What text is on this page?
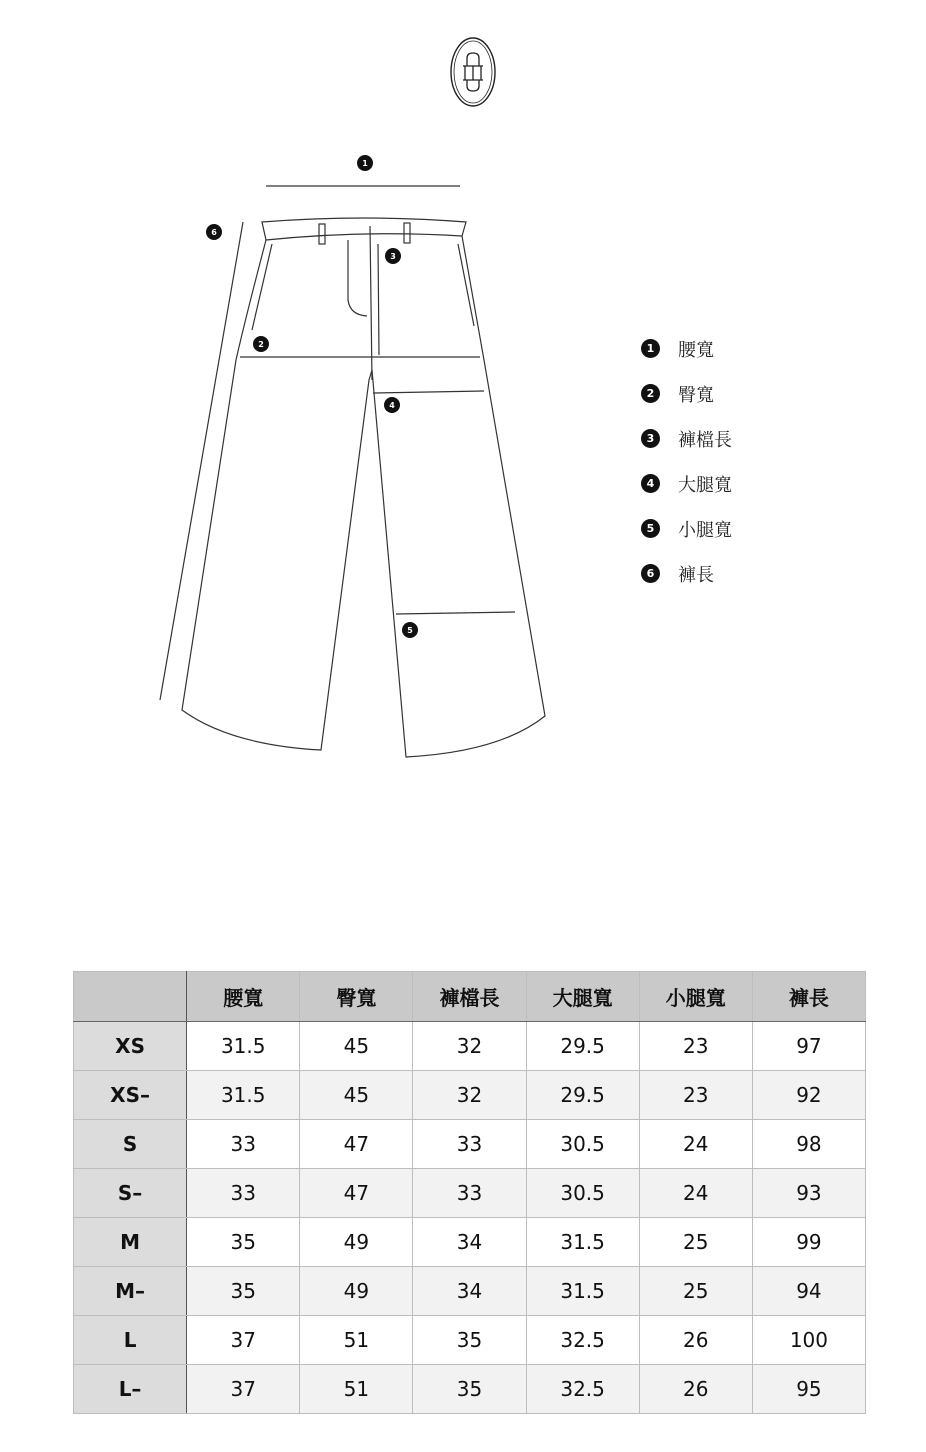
1
2
3
4
5
6
1	腰寬
2	臀寬
3	褲檔長
4	大腿寬
5	小腿寬
6	褲長
	腰寬	臀寬	褲檔長	大腿寬	小腿寬	褲長
XS	31.5	45	32	29.5	23	97
XS–	31.5	45	32	29.5	23	92
S	33	47	33	30.5	24	98
S–	33	47	33	30.5	24	93
M	35	49	34	31.5	25	99
M–	35	49	34	31.5	25	94
L	37	51	35	32.5	26	100
L–	37	51	35	32.5	26	95
